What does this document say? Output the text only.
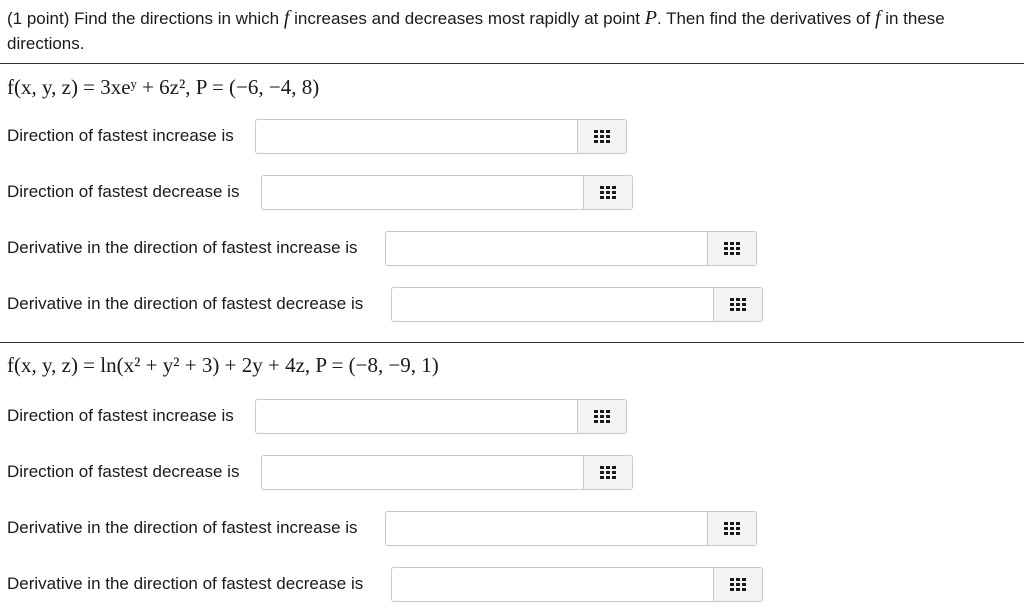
(1 point) Find the directions in which f increases and decreases most rapidly at point P. Then find the derivatives of f in these directions.
f(x, y, z) = 3xeʸ + 6z², P = (−6, −4, 8)
Direction of fastest increase is
Direction of fastest decrease is
Derivative in the direction of fastest increase is
Derivative in the direction of fastest decrease is
f(x, y, z) = ln(x² + y² + 3) + 2y + 4z, P = (−8, −9, 1)
Direction of fastest increase is
Direction of fastest decrease is
Derivative in the direction of fastest increase is
Derivative in the direction of fastest decrease is
